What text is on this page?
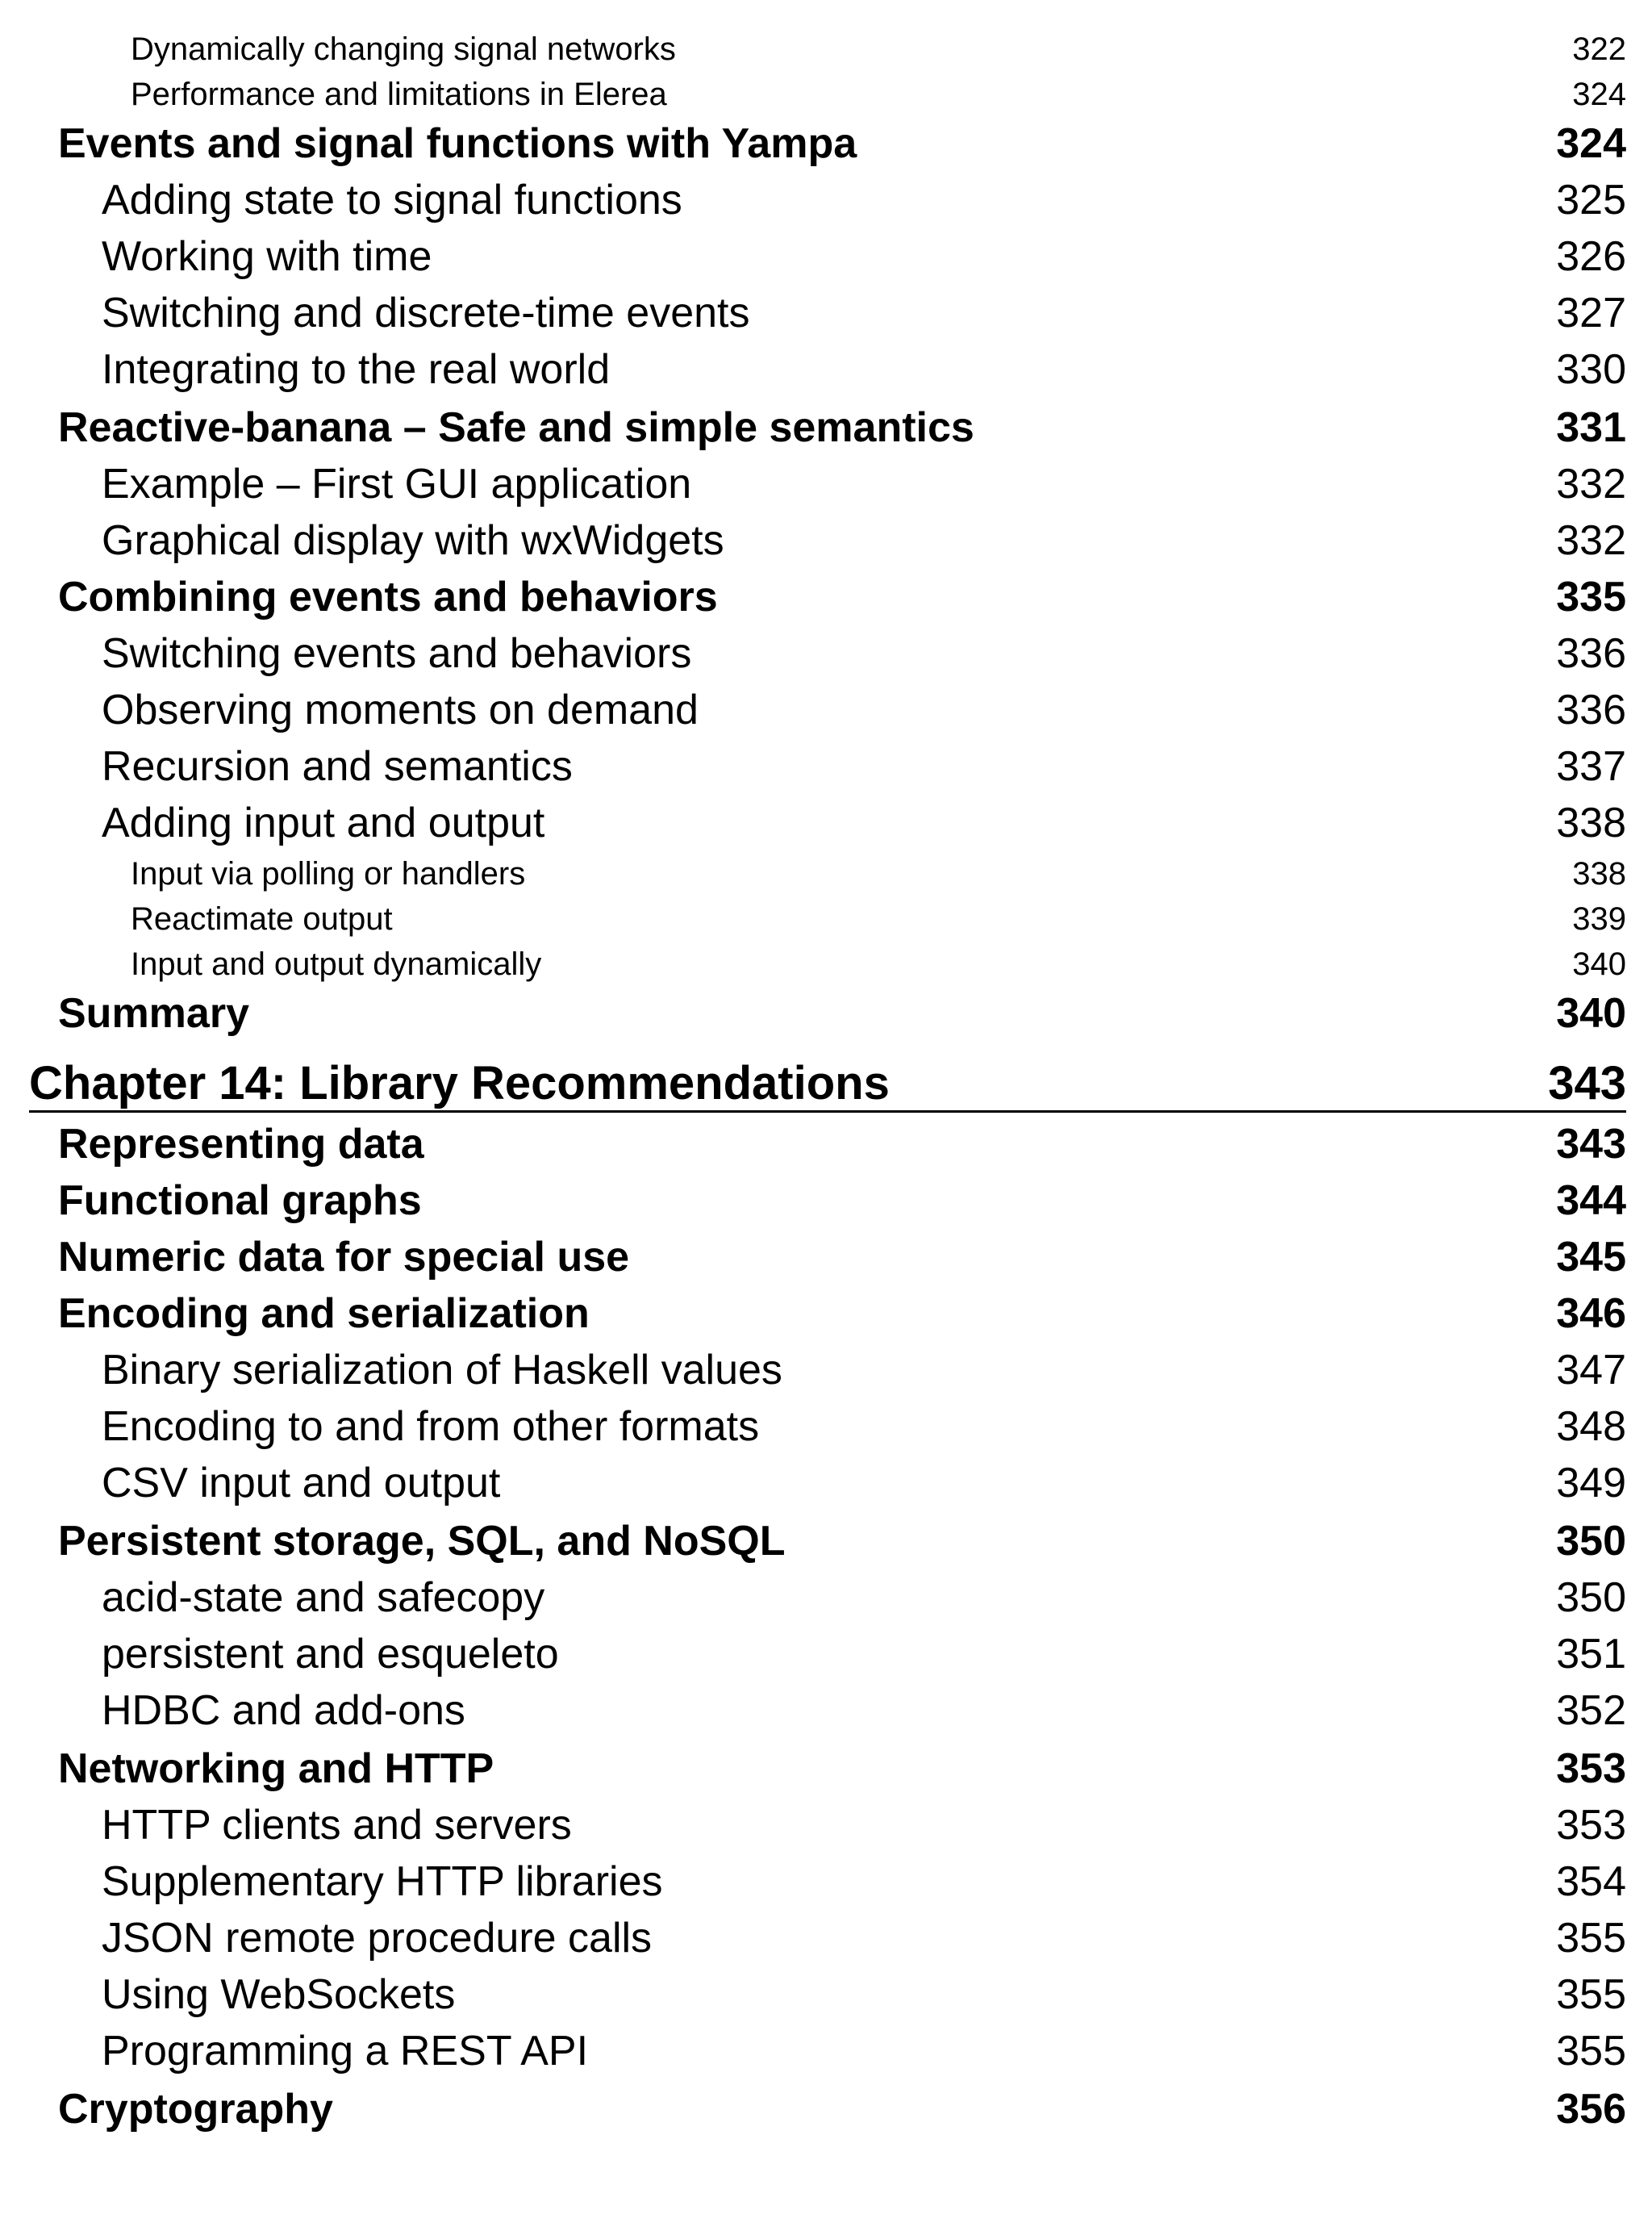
Dynamically changing signal networks	322
Performance and limitations in Elerea	324
Events and signal functions with Yampa	324
Adding state to signal functions	325
Working with time	326
Switching and discrete-time events	327
Integrating to the real world	330
Reactive-banana – Safe and simple semantics	331
Example – First GUI application	332
Graphical display with wxWidgets	332
Combining events and behaviors	335
Switching events and behaviors	336
Observing moments on demand	336
Recursion and semantics	337
Adding input and output	338
Input via polling or handlers	338
Reactimate output	339
Input and output dynamically	340
Summary	340
Chapter 14: Library Recommendations	343
Representing data	343
Functional graphs	344
Numeric data for special use	345
Encoding and serialization	346
Binary serialization of Haskell values	347
Encoding to and from other formats	348
CSV input and output	349
Persistent storage, SQL, and NoSQL	350
acid-state and safecopy	350
persistent and esqueleto	351
HDBC and add-ons	352
Networking and HTTP	353
HTTP clients and servers	353
Supplementary HTTP libraries	354
JSON remote procedure calls	355
Using WebSockets	355
Programming a REST API	355
Cryptography	356
